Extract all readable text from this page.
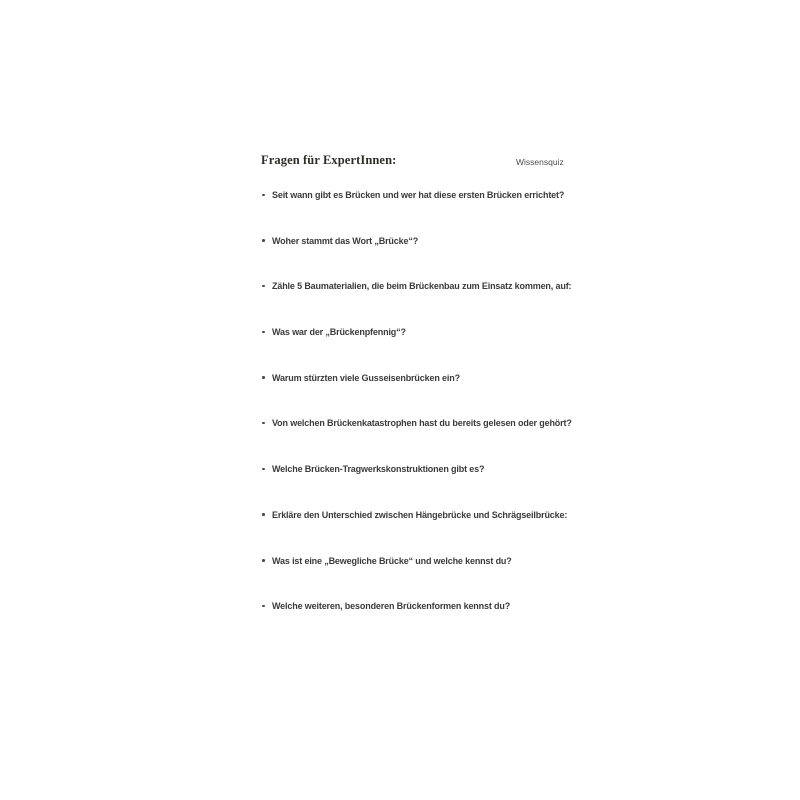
Fragen für ExpertInnen:	Wissensquiz
Seit wann gibt es Brücken und wer hat diese ersten Brücken errichtet?
Woher stammt das Wort „Brücke“?
Zähle 5 Baumaterialien, die beim Brückenbau zum Einsatz kommen, auf:
Was war der „Brückenpfennig“?
Warum stürzten viele Gusseisenbrücken ein?
Von welchen Brückenkatastrophen hast du bereits gelesen oder gehört?
Welche Brücken-Tragwerkskonstruktionen gibt es?
Erkläre den Unterschied zwischen Hängebrücke und Schrägseilbrücke:
Was ist eine „Bewegliche Brücke“ und welche kennst du?
Welche weiteren, besonderen Brückenformen kennst du?
